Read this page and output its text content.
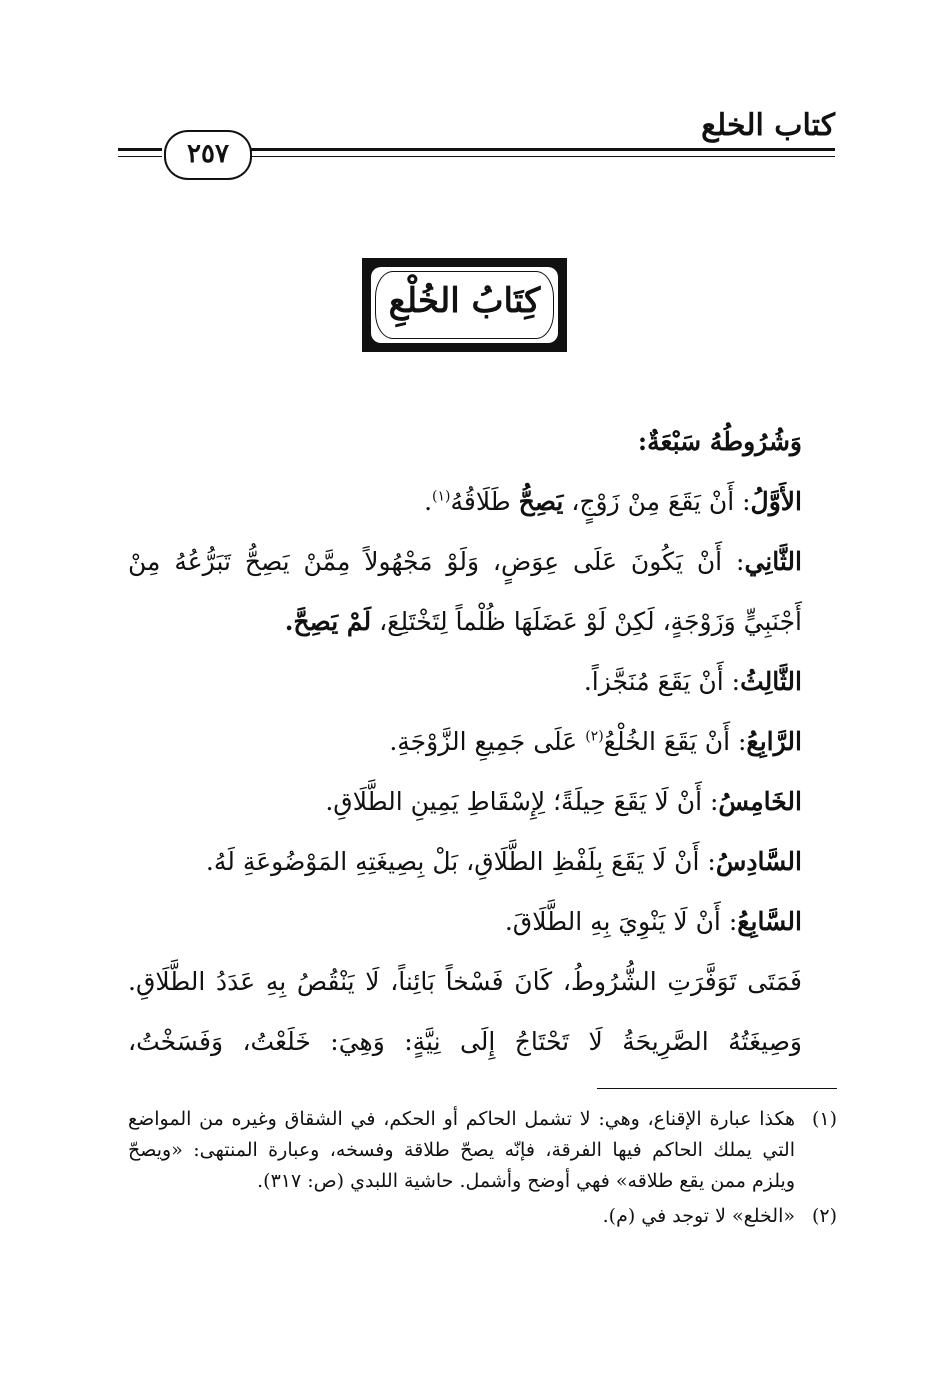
كتاب الخلع
٢٥٧
كِتَابُ الخُلْعِ
وَشُرُوطُهُ سَبْعَةٌ:
الأَوَّلُ: أَنْ يَقَعَ مِنْ زَوْجٍ، يَصِحُّ طَلَاقُهُ$^{(١)}$.
الثَّانِي: أَنْ يَكُونَ عَلَى عِوَضٍ، وَلَوْ مَجْهُولاً مِمَّنْ يَصِحُّ تَبَرُّعُهُ مِنْ
أَجْنَبِيٍّ وَزَوْجَةٍ، لَكِنْ لَوْ عَضَلَهَا ظُلْماً لِتَخْتَلِعَ، لَمْ يَصِحَّ.
الثَّالِثُ: أَنْ يَقَعَ مُنَجَّزاً.
الرَّابِعُ: أَنْ يَقَعَ الخُلْعُ$^{(٢)}$ عَلَى جَمِيعِ الزَّوْجَةِ.
الخَامِسُ: أَنْ لَا يَقَعَ حِيلَةً؛ لِإِسْقَاطِ يَمِينِ الطَّلَاقِ.
السَّادِسُ: أَنْ لَا يَقَعَ بِلَفْظِ الطَّلَاقِ، بَلْ بِصِيغَتِهِ المَوْضُوعَةِ لَهُ.
السَّابِعُ: أَنْ لَا يَنْوِيَ بِهِ الطَّلَاقَ.
فَمَتَى تَوَفَّرَتِ الشُّرُوطُ، كَانَ فَسْخاً بَائِناً، لَا يَنْقُصُ بِهِ عَدَدُ الطَّلَاقِ.
وَصِيغَتُهُ الصَّرِيحَةُ لَا تَحْتَاجُ إِلَى نِيَّةٍ: وَهِيَ: خَلَعْتُ، وَفَسَخْتُ،
(١)
هكذا عبارة الإقناع، وهي: لا تشمل الحاكم أو الحكم، في الشقاق وغيره من المواضع التي يملك الحاكم فيها الفرقة، فإنّه يصحّ طلاقة وفسخه، وعبارة المنتهى: «ويصحّ ويلزم ممن يقع طلاقه» فهي أوضح وأشمل. حاشية اللبدي (ص: ٣١٧).
(٢)
«الخلع» لا توجد في (م).
